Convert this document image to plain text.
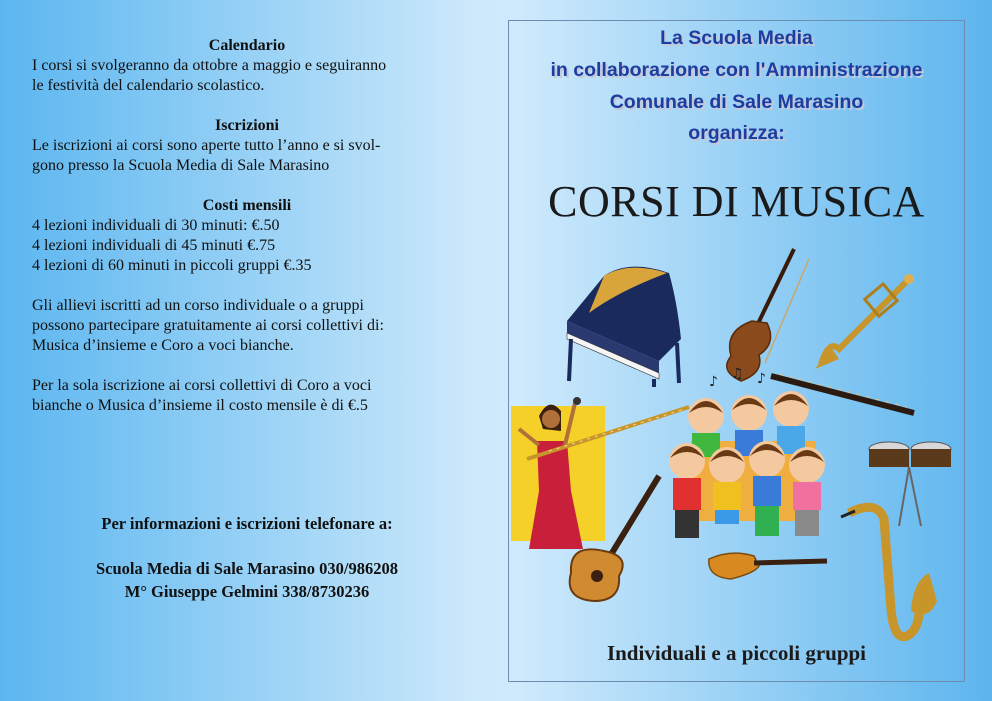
Calendario
I corsi si svolgeranno da ottobre a maggio e seguiranno
le festività del calendario scolastico.
Iscrizioni
Le iscrizioni ai corsi sono aperte tutto l’anno e si svol-
gono presso la Scuola Media di Sale Marasino
Costi mensili
4 lezioni individuali di 30 minuti: €.50
4 lezioni individuali di 45 minuti €.75
4 lezioni di 60 minuti in piccoli gruppi €.35
Gli allievi iscritti ad un corso individuale o a gruppi
possono partecipare gratuitamente ai corsi collettivi di:
Musica d’insieme e Coro a voci bianche.
Per la sola iscrizione ai corsi collettivi di Coro a voci
bianche o Musica d’insieme il costo mensile è di €.5
Per informazioni e iscrizioni telefonare a:
Scuola Media di Sale Marasino 030/986208
M° Giuseppe Gelmini 338/8730236
La Scuola Media
in collaborazione con l'Amministrazione
Comunale di Sale Marasino
organizza:
CORSI DI MUSICA
♪ ♫ ♪
Individuali e a piccoli gruppi
